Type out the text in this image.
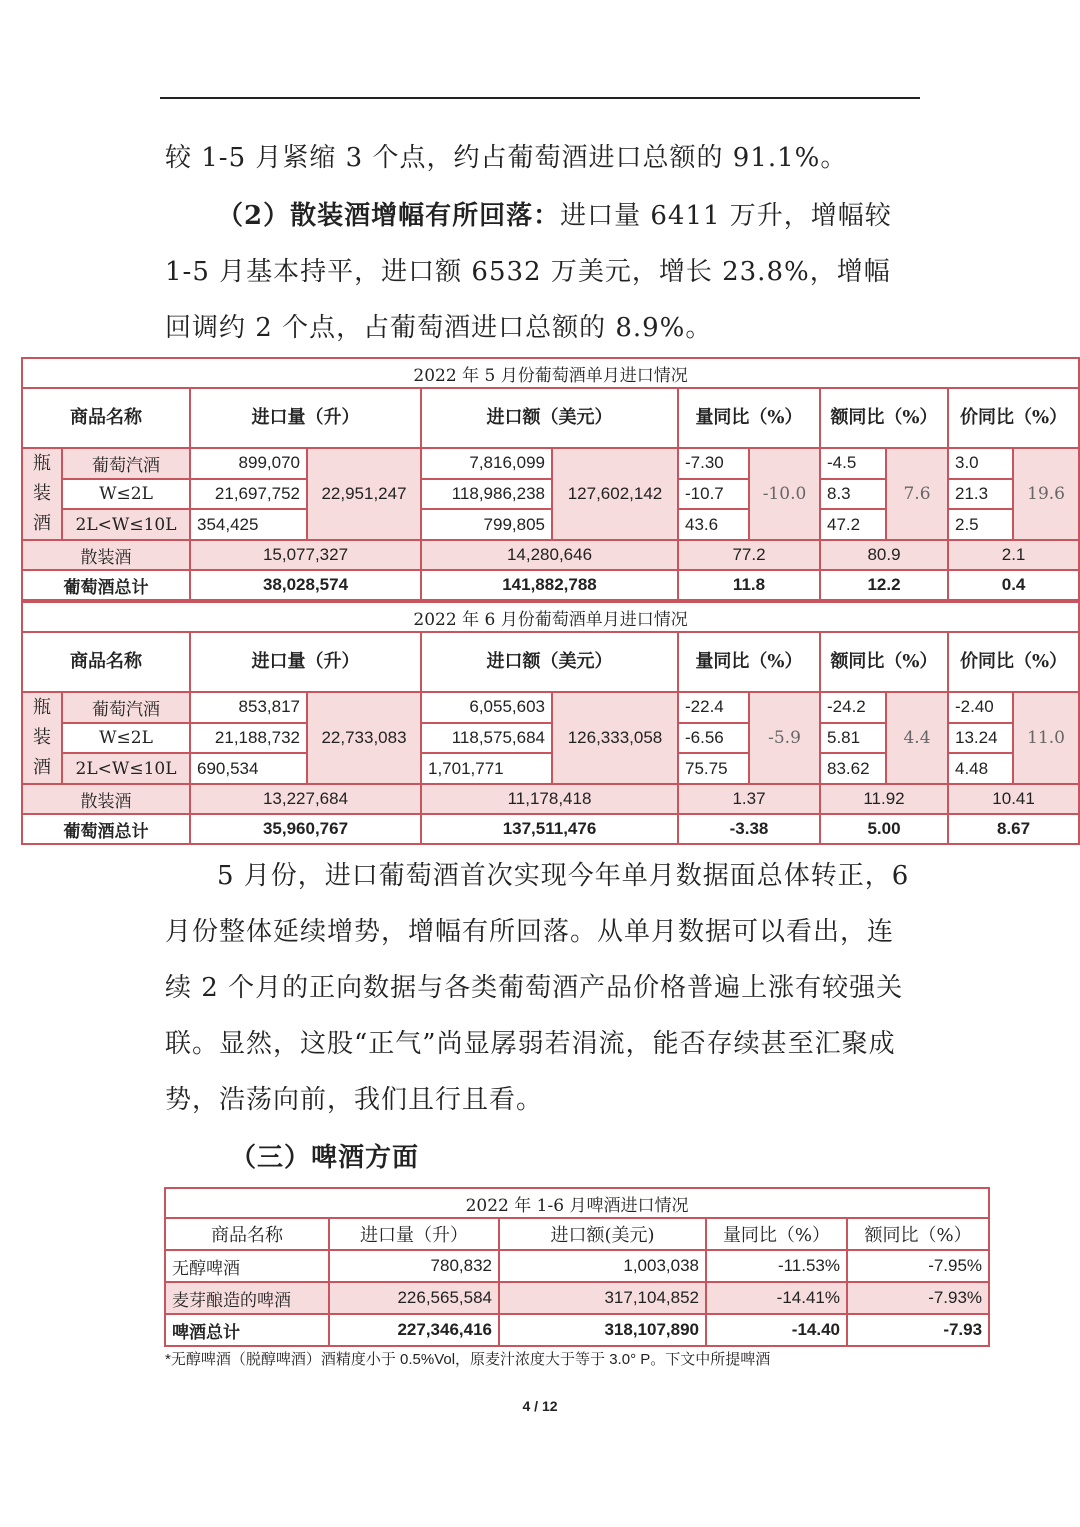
较 1-5 月紧缩 3 个点，约占葡萄酒进口总额的 91.1%。

（2）散装酒增幅有所回落：进口量 6411 万升，增幅较 1-5 月基本持平，进口额 6532 万美元，增长 23.8%，增幅回调约 2 个点，占葡萄酒进口总额的 8.9%。

2022 年 5 月份葡萄酒单月进口情况											
商品名称		进口量（升）		进口额（美元）		量同比（%）		额同比（%）		价同比（%）	
瓶装酒	葡萄汽酒	899,070	22,951,247	7,816,099	127,602,142	-7.30	-10.0	-4.5	7.6	3.0	19.6
	W≤2L	21,697,752		118,986,238		-10.7		8.3		21.3	
	2L<W≤10L	354,425		799,805		43.6		47.2		2.5	
散装酒		15,077,327		14,280,646		77.2		80.9		2.1	
葡萄酒总计		38,028,574		141,882,788		11.8		12.2		0.4	
2022 年 6 月份葡萄酒单月进口情况											
商品名称		进口量（升）		进口额（美元）		量同比（%）		额同比（%）		价同比（%）	
瓶装酒	葡萄汽酒	853,817	22,733,083	6,055,603	126,333,058	-22.4	-5.9	-24.2	4.4	-2.40	11.0
	W≤2L	21,188,732		118,575,684		-6.56		5.81		13.24	
	2L<W≤10L	690,534		1,701,771		75.75		83.62		4.48	
散装酒		13,227,684		11,178,418		1.37		11.92		10.41	
葡萄酒总计		35,960,767		137,511,476		-3.38		5.00		8.67	

5 月份，进口葡萄酒首次实现今年单月数据面总体转正，6 月份整体延续增势，增幅有所回落。从单月数据可以看出，连续 2 个月的正向数据与各类葡萄酒产品价格普遍上涨有较强关联。显然，这股“正气”尚显孱弱若涓流，能否存续甚至汇聚成势，浩荡向前，我们且行且看。

（三）啤酒方面

2022 年 1-6 月啤酒进口情况				
商品名称	进口量（升）	进口额(美元)	量同比（%）	额同比（%）
无醇啤酒	780,832	1,003,038	-11.53%	-7.95%
麦芽酿造的啤酒	226,565,584	317,104,852	-14.41%	-7.93%
啤酒总计	227,346,416	318,107,890	-14.40	-7.93

*无醇啤酒（脱醇啤酒）酒精度小于 0.5%Vol，原麦汁浓度大于等于 3.0° P。下文中所提啤酒

4 / 12
